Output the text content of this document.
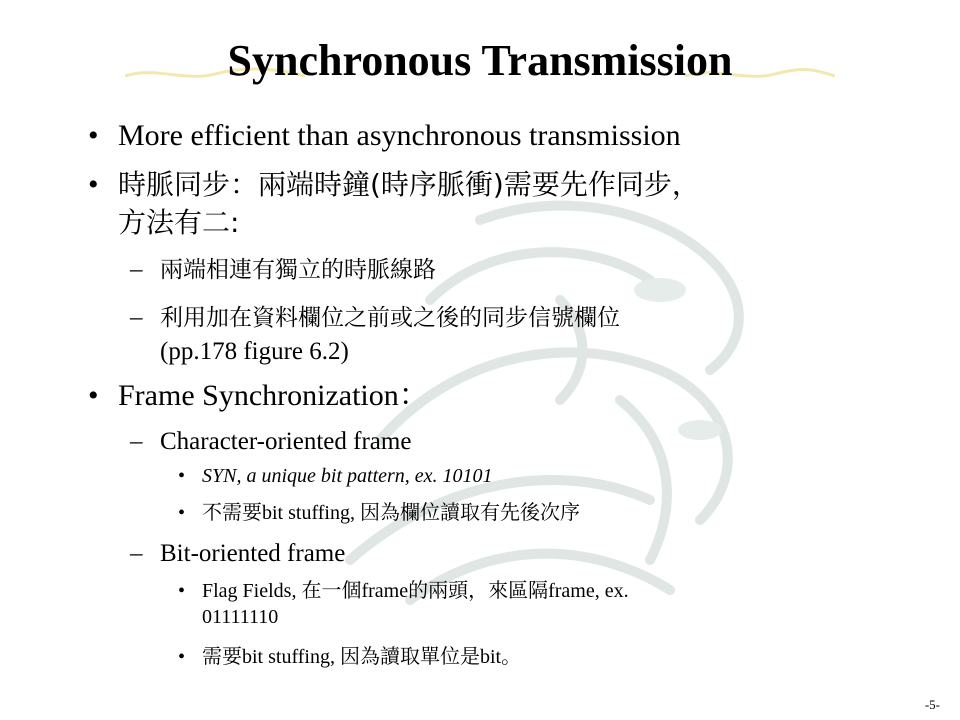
Synchronous Transmission
• More efficient than asynchronous transmission
• 時脈同步：兩端時鐘(時序脈衝)需要先作同步，
方法有二:
– 兩端相連有獨立的時脈線路
– 利用加在資料欄位之前或之後的同步信號欄位
(pp.178 figure 6.2)
• Frame Synchronization：
– Character-oriented frame
• SYN, a unique bit pattern, ex. 10101
• 不需要bit stuffing, 因為欄位讀取有先後次序
– Bit-oriented frame
• Flag Fields, 在一個frame的兩頭，來區隔frame, ex.
01111110
• 需要bit stuffing, 因為讀取單位是bit。
-5-
